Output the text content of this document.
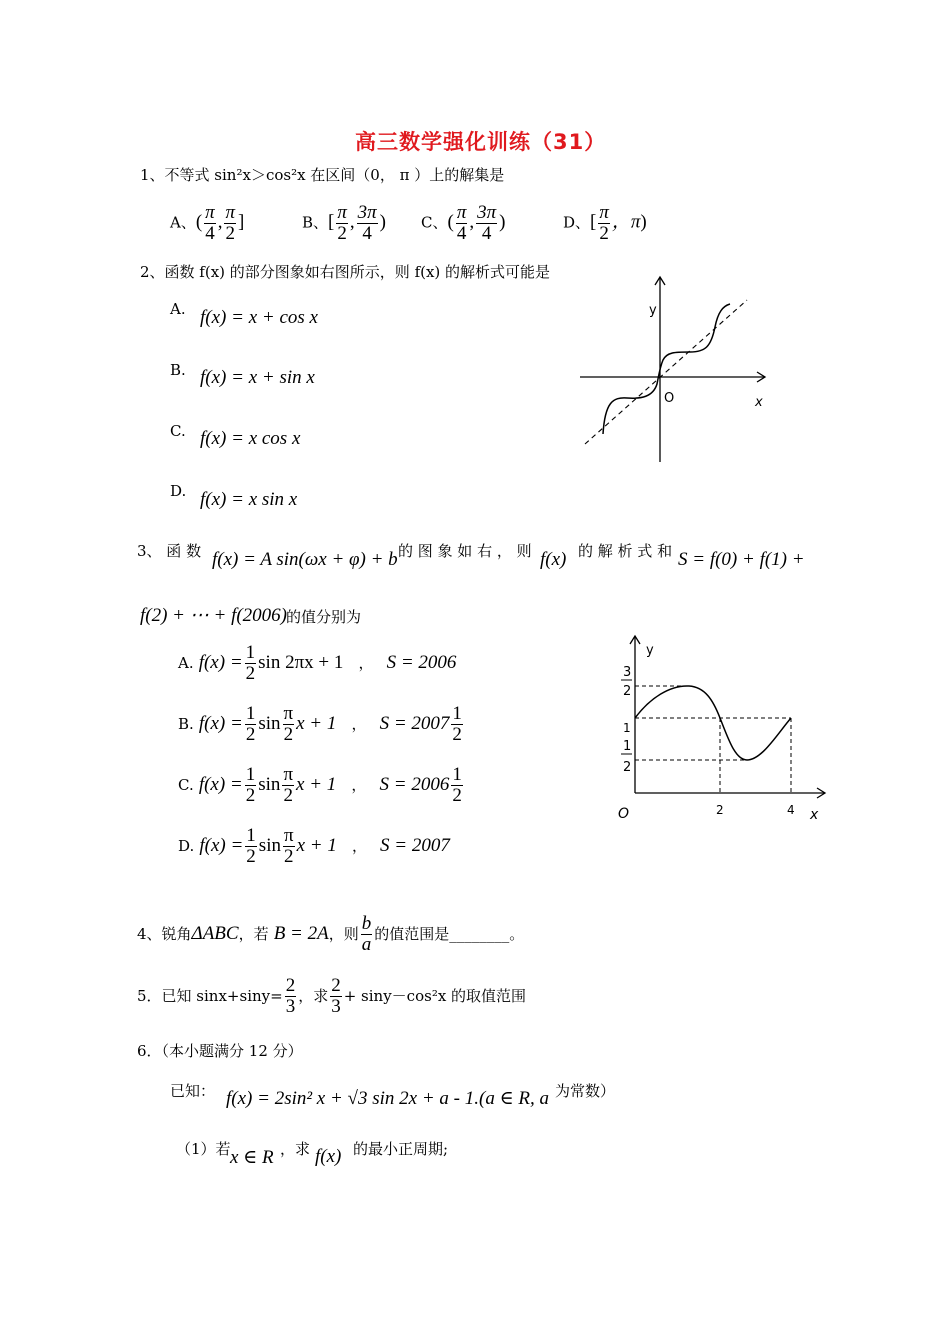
高三数学强化训练（31）
1、不等式 sin²x＞cos²x 在区间（0， π ）上的解集是
A、( $\frac{\pi}{4}$ , $\frac{\pi}{2}$ ]	B、[ $\frac{\pi}{2}$ , $\frac{3\pi}{4}$ ) C、( $\frac{\pi}{4}$ , $\frac{3\pi}{4}$ )	D、[ $\frac{\pi}{2}$ ，π)
2、函数 f(x) 的部分图象如右图所示，则 f(x) 的解析式可能是
A. f(x) = x + cos x
B. f(x) = x + sin x
C. f(x) = x cos x
D. f(x) = x sin x
y
O	x
3、 函 数 f(x) = A sin(ωx + φ) + b 的 图 象 如 右 ， 则 f(x) 的 解 析 式 和 S = f(0) + f(1) +
f(2) + ⋯ + f(2006)
的值分别为
A. $f(x) = \frac{1}{2}$ sin 2πx + 1 ， S = 2006
B. $f(x) = \frac{1}{2}$ $\sin \frac{\pi}{2}$ x + 1 ， $S = 2007 \frac{1}{2}$
C. $f(x) = \frac{1}{2}$ $\sin \frac{\pi}{2}$ x + 1 ， $S = 2006 \frac{1}{2}$
D. $f(x) = \frac{1}{2}$ $\sin \frac{\pi}{2}$ x + 1 ， S = 2007
y
3
2
1
1
2
O	2	4 x
4、锐角ΔABC，若 B = 2A，则 $\frac{b}{a}$ 的值范围是________。
5．已知 $\sin x+\sin y= \frac{2}{3}$ ，求 $\frac{2}{3} + \sin y-\cos^2x$ 的取值范围
6．（本小题满分 12 分）
已知： f(x) = 2sin² x + √3 sin 2x + a - 1.(a ∈ R, a 为常数）
（1）若 x ∈ R ，求 f(x) 的最小正周期;
